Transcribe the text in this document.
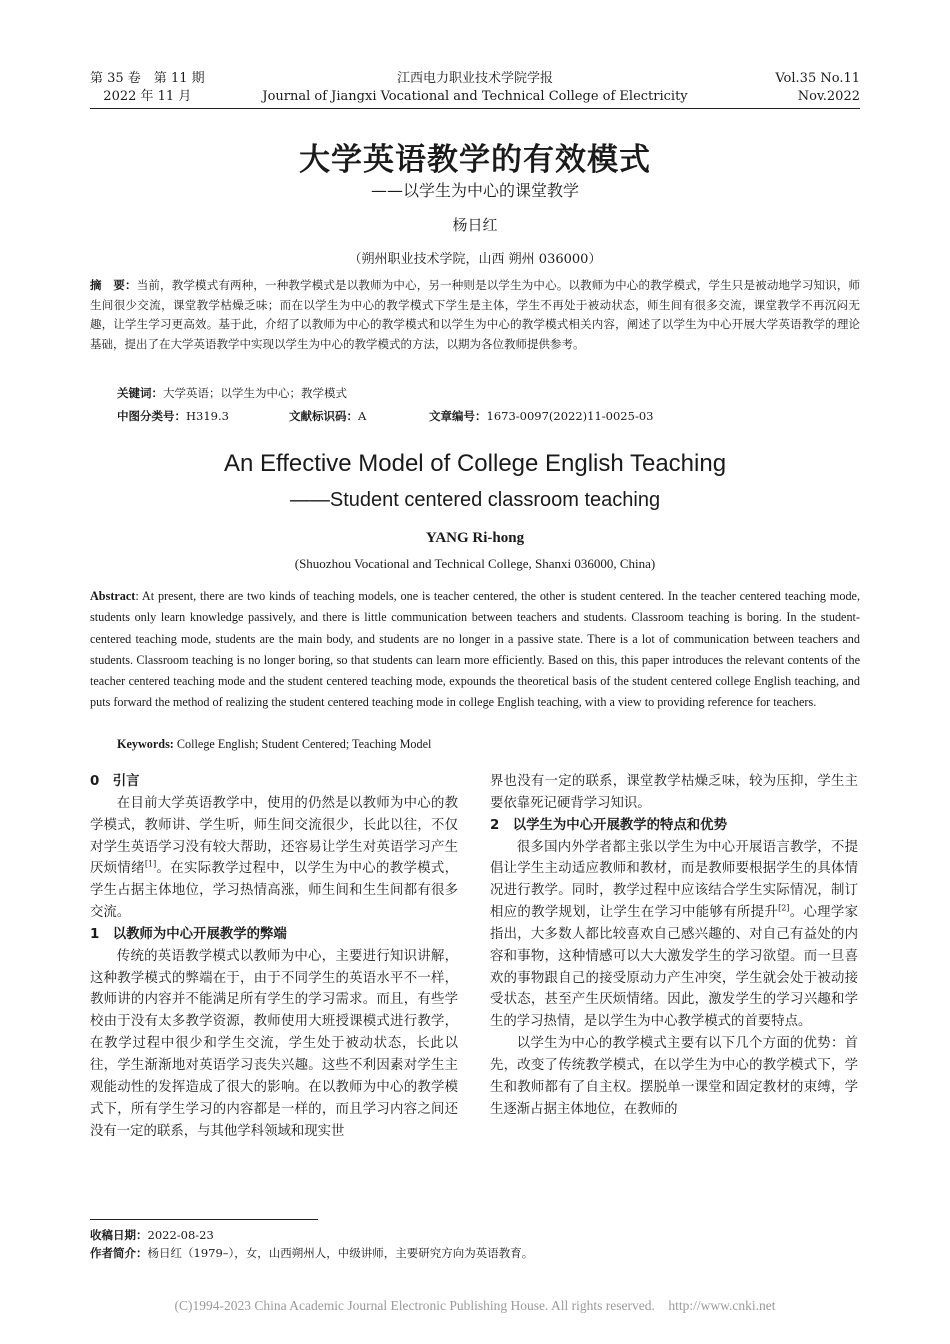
第 35 卷　第 11 期
2022 年 11 月
江西电力职业技术学院学报
Journal of Jiangxi Vocational and Technical College of Electricity
Vol.35 No.11
Nov.2022
大学英语教学的有效模式
——以学生为中心的课堂教学
杨日红
（朔州职业技术学院，山西 朔州 036000）
摘　要：当前，教学模式有两种，一种教学模式是以教师为中心，另一种则是以学生为中心。以教师为中心的教学模式，学生只是被动地学习知识，师生间很少交流，课堂教学枯燥乏味；而在以学生为中心的教学模式下学生是主体，学生不再处于被动状态，师生间有很多交流，课堂教学不再沉闷无趣，让学生学习更高效。基于此，介绍了以教师为中心的教学模式和以学生为中心的教学模式相关内容，阐述了以学生为中心开展大学英语教学的理论基础，提出了在大学英语教学中实现以学生为中心的教学模式的方法，以期为各位教师提供参考。
关键词：大学英语；以学生为中心；教学模式
中图分类号：H319.3	文献标识码：A	文章编号：1673-0097(2022)11-0025-03
An Effective Model of College English Teaching
——Student centered classroom teaching
YANG Ri-hong
(Shuozhou Vocational and Technical College, Shanxi 036000, China)
Abstract: At present, there are two kinds of teaching models, one is teacher centered, the other is student centered. In the teacher centered teaching mode, students only learn knowledge passively, and there is little communication between teachers and students. Classroom teaching is boring. In the student-centered teaching mode, students are the main body, and students are no longer in a passive state. There is a lot of communication between teachers and students. Classroom teaching is no longer boring, so that students can learn more efficiently. Based on this, this paper introduces the relevant contents of the teacher centered teaching mode and the student centered teaching mode, expounds the theoretical basis of the student centered college English teaching, and puts forward the method of realizing the student centered teaching mode in college English teaching, with a view to providing reference for teachers.
Keywords: College English; Student Centered; Teaching Model
0　引言

在目前大学英语教学中，使用的仍然是以教师为中心的教学模式，教师讲、学生听，师生间交流很少，长此以往，不仅对学生英语学习没有较大帮助，还容易让学生对英语学习产生厌烦情绪[1]。在实际教学过程中，以学生为中心的教学模式，学生占据主体地位，学习热情高涨，师生间和生生间都有很多交流。

1　以教师为中心开展教学的弊端

传统的英语教学模式以教师为中心，主要进行知识讲解，这种教学模式的弊端在于，由于不同学生的英语水平不一样，教师讲的内容并不能满足所有学生的学习需求。而且，有些学校由于没有太多教学资源，教师使用大班授课模式进行教学，在教学过程中很少和学生交流，学生处于被动状态，长此以往，学生渐渐地对英语学习丧失兴趣。这些不利因素对学生主观能动性的发挥造成了很大的影响。在以教师为中心的教学模式下，所有学生学习的内容都是一样的，而且学习内容之间还没有一定的联系，与其他学科领域和现实世

界也没有一定的联系，课堂教学枯燥乏味，较为压抑，学生主要依靠死记硬背学习知识。

2　以学生为中心开展教学的特点和优势

很多国内外学者都主张以学生为中心开展语言教学，不提倡让学生主动适应教师和教材，而是教师要根据学生的具体情况进行教学。同时，教学过程中应该结合学生实际情况，制订相应的教学规划，让学生在学习中能够有所提升[2]。心理学家指出，大多数人都比较喜欢自己感兴趣的、对自己有益处的内容和事物，这种情感可以大大激发学生的学习欲望。而一旦喜欢的事物跟自己的接受原动力产生冲突，学生就会处于被动接受状态，甚至产生厌烦情绪。因此，激发学生的学习兴趣和学生的学习热情，是以学生为中心教学模式的首要特点。

以学生为中心的教学模式主要有以下几个方面的优势：首先，改变了传统教学模式，在以学生为中心的教学模式下，学生和教师都有了自主权。摆脱单一课堂和固定教材的束缚，学生逐渐占据主体地位，在教师的

收稿日期：2022-08-23
作者简介：杨日红（1979–），女，山西朔州人，中级讲师，主要研究方向为英语教育。
(C)1994-2023 China Academic Journal Electronic Publishing House. All rights reserved.    http://www.cnki.net
